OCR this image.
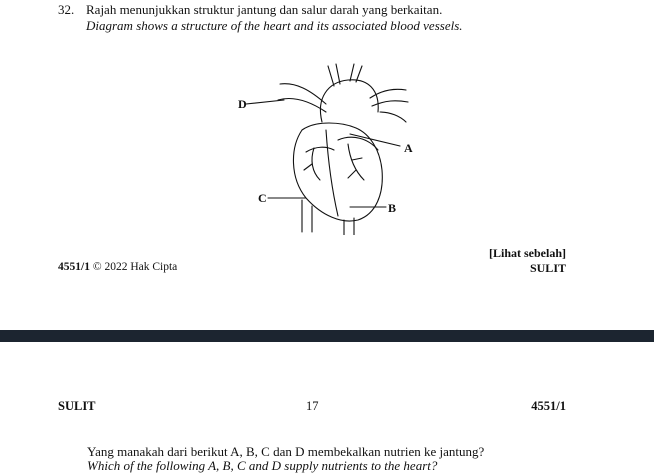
32. Rajah menunjukkan struktur jantung dan salur darah yang berkaitan.
Diagram shows a structure of the heart and its associated blood vessels.
D
A
C
B
[Lihat sebelah]
4551/1 © 2022 Hak Cipta	SULIT
SULIT	17	4551/1
Yang manakah dari berikut A, B, C dan D membekalkan nutrien ke jantung?
Which of the following A, B, C and D supply nutrients to the heart?
